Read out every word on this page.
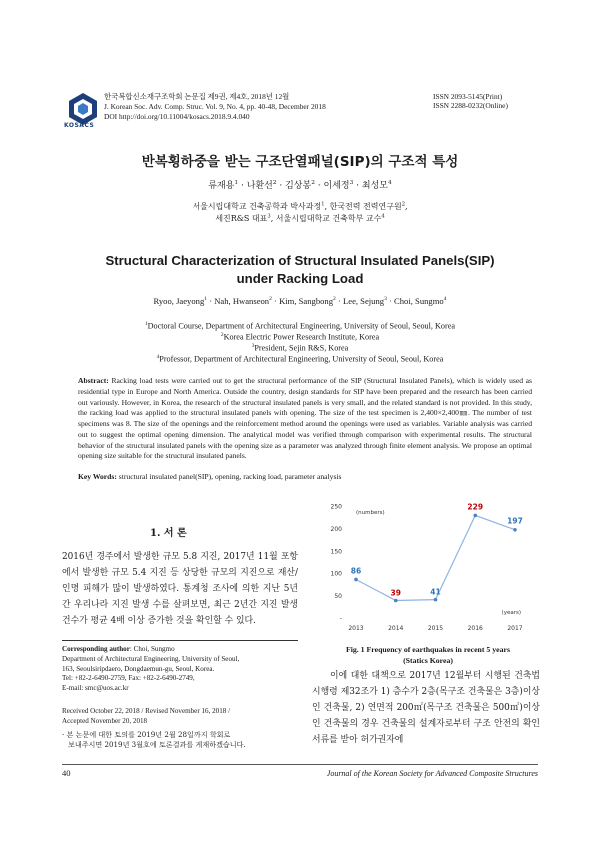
KOSACS
한국복합신소재구조학회 논문집 제9권, 제4호, 2018년 12월
J. Korean Soc. Adv. Comp. Struc. Vol. 9, No. 4, pp. 40-48, December 2018
DOI http://doi.org/10.11004/kosacs.2018.9.4.040
ISSN 2093-5145(Print)
ISSN 2288-0232(Online)
반복횡하중을 받는 구조단열패널(SIP)의 구조적 특성
류재용$^1$ · 나환선$^2$ · 김상봉$^2$ · 이세정$^3$ · 최성모$^4$
서울시립대학교 건축공학과 박사과정$^1$, 한국전력 전력연구원$^2$,
세진R&S 대표$^3$, 서울시립대학교 건축학부 교수$^4$
Structural Characterization of Structural Insulated Panels(SIP)
under Racking Load
Ryoo, Jaeyong$^1$ · Nah, Hwanseon$^2$ · Kim, Sangbong$^2$ · Lee, Sejung$^3$ · Choi, Sungmo$^4$
$^1$Doctoral Course, Department of Architectural Engineering, University of Seoul, Seoul, Korea
$^2$Korea Electric Power Research Institute, Korea
$^3$President, Sejin R&S, Korea
$^4$Professor, Department of Architectural Engineering, University of Seoul, Seoul, Korea
Abstract: Racking load tests were carried out to get the structural performance of the SIP (Structural Insulated Panels), which is widely used as residential type in Europe and North America. Outside the country, design standards for SIP have been prepared and the research has been carried out variously. However, in Korea, the research of the structural insulated panels is very small, and the related standard is not provided. In this study, the racking load was applied to the structural insulated panels with opening. The size of the test specimen is 2,400×2,400㎜. The number of test specimens was 8. The size of the openings and the reinforcement method around the openings were used as variables. Variable analysis was carried out to suggest the optimal opening dimension. The analytical model was verified through comparison with experimental results. The structural behavior of the structural insulated panels with the opening size as a parameter was analyzed through finite element analysis. We propose an optimal opening size suitable for the structural insulated panels.
Key Words: structural insulated panel(SIP), opening, racking load, parameter analysis
1. 서 론
2016년 경주에서 발생한 규모 5.8 지진, 2017년 11월 포항에서 발생한 규모 5.4 지진 등 상당한 규모의 지진으로 재산/인명 피해가 많이 발생하였다. 통계청 조사에 의한 지난 5년간 우리나라 지진 발생 수를 살펴보면, 최근 2년간 지진 발생 건수가 평균 4배 이상 증가한 것을 확인할 수 있다.
Corresponding author: Choi, Sungmo
Department of Architectural Engineering, University of Seoul,
163, Seoulsiripdaero, Dongdaemun-gu, Seoul, Korea.
Tel: +82-2-6490-2759, Fax: +82-2-6490-2749,
E-mail: smc@uos.ac.kr
Received October 22, 2018 / Revised November 16, 2018 /
Accepted November 20, 2018
· 본 논문에 대한 토의를 2019년 2월 28일까지 학회로
보내주시면 2019년 3월호에 토론결과를 게재하겠습니다.
-
50
100
150
200
250
2013	2014	2015	2016	2017
(numbers)
(years)
86
39	41
229
197
Fig. 1 Frequency of earthquakes in recent 5 years
(Statics Korea)
이에 대한 대책으로 2017년 12월부터 시행된 건축법 시행령 제32조가 1) 층수가 2층(목구조 건축물은 3층)이상 인 건축물, 2) 연면적 200㎡(목구조 건축물은 500㎡)이상인 건축물의 경우 건축물의 설계자로부터 구조 안전의 확인 서류를 받아 허가권자에
40	Journal of the Korean Society for Advanced Composite Structures
